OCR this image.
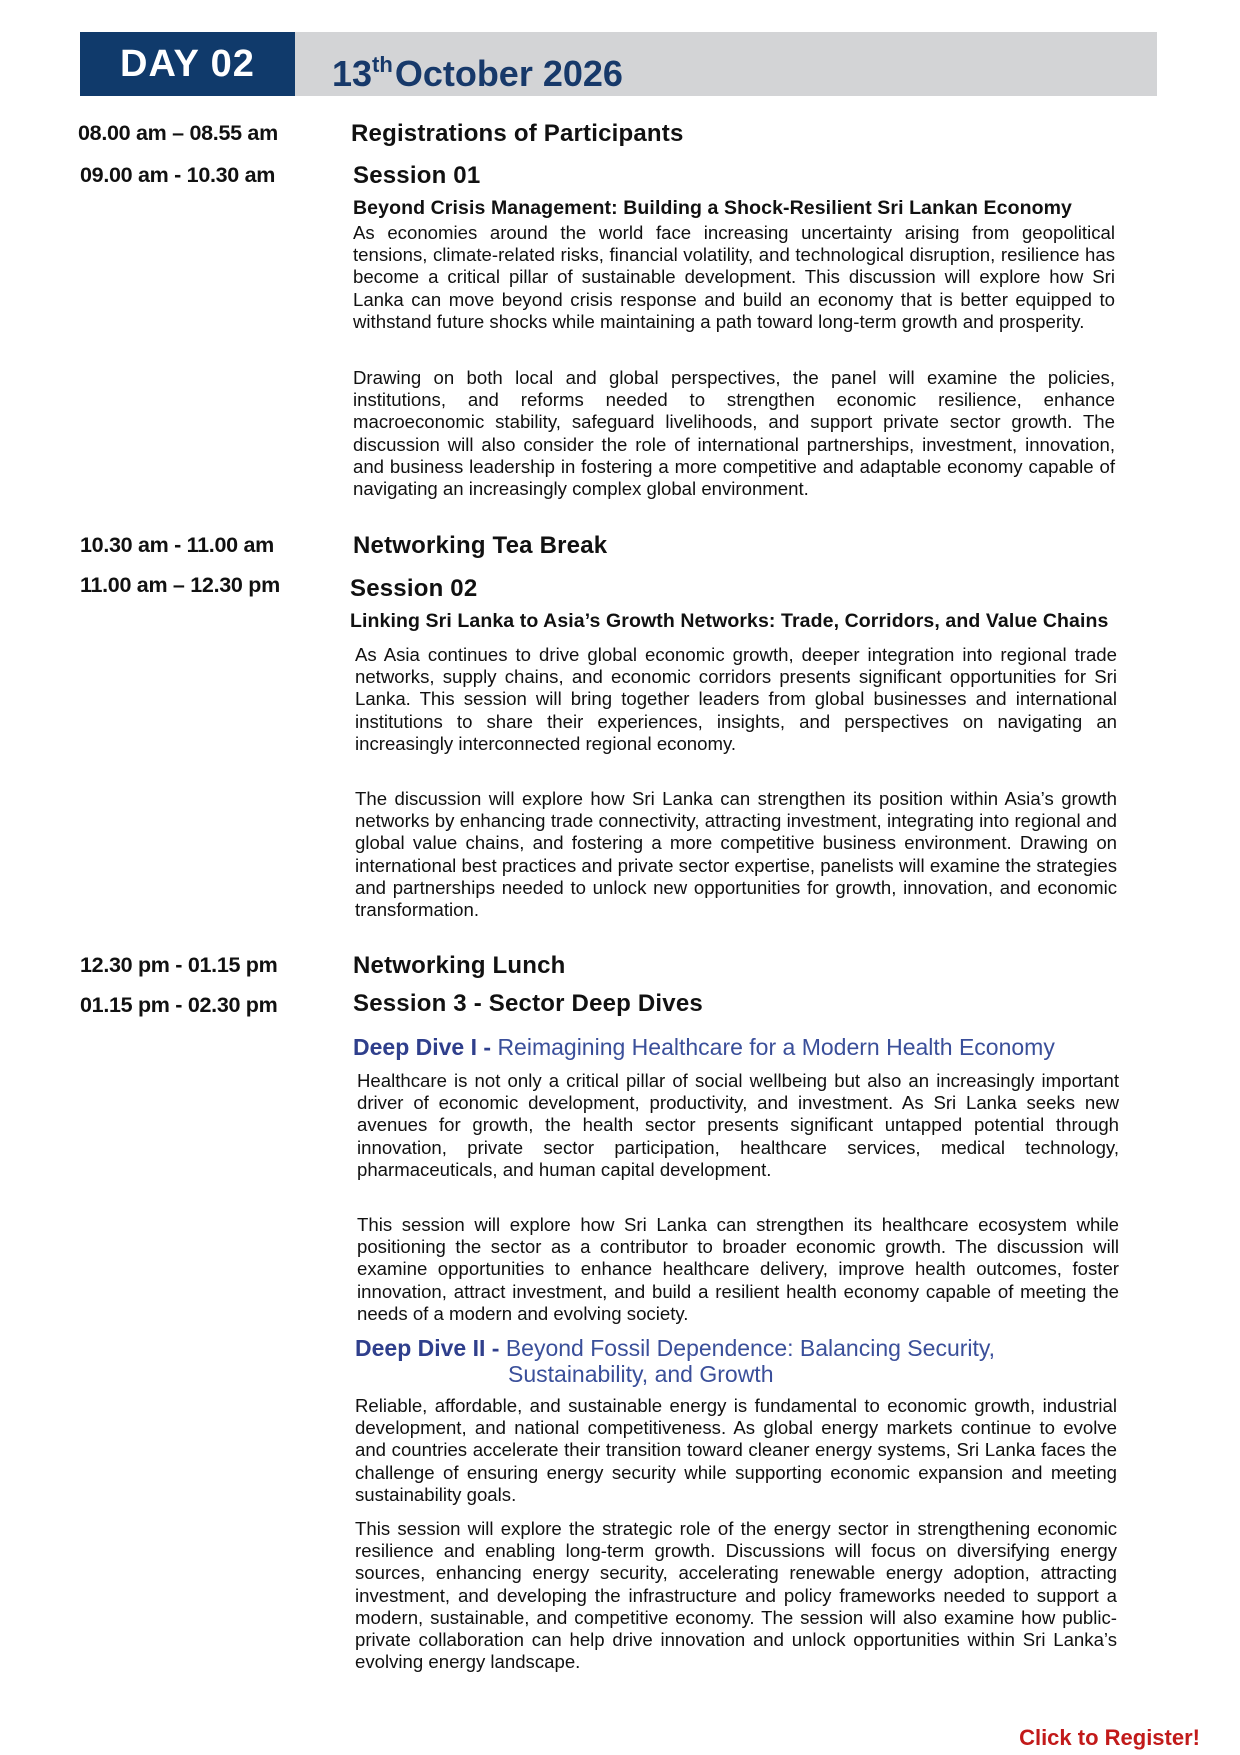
DAY 02	13thOctober 2026
08.00 am – 08.55 am	Registrations of Participants
09.00 am - 10.30 am	Session 01
Beyond Crisis Management: Building a Shock-Resilient Sri Lankan Economy

As economies around the world face increasing uncertainty arising from geopolitical tensions, climate-related risks, financial volatility, and technological disruption, resilience has become a critical pillar of sustainable development. This discussion will explore how Sri Lanka can move beyond crisis response and build an economy that is better equipped to withstand future shocks while maintaining a path toward long-term growth and prosperity.

Drawing on both local and global perspectives, the panel will examine the policies, institutions, and reforms needed to strengthen economic resilience, enhance macroeconomic stability, safeguard livelihoods, and support private sector growth. The discussion will also consider the role of international partnerships, investment, innovation, and business leadership in fostering a more competitive and adaptable economy capable of navigating an increasingly complex global environment.

10.30 am - 11.00 am	Networking Tea Break
11.00 am – 12.30 pm	Session 02
Linking Sri Lanka to Asia’s Growth Networks: Trade, Corridors, and Value Chains

As Asia continues to drive global economic growth, deeper integration into regional trade networks, supply chains, and economic corridors presents significant opportunities for Sri Lanka. This session will bring together leaders from global businesses and international institutions to share their experiences, insights, and perspectives on navigating an increasingly interconnected regional economy.

The discussion will explore how Sri Lanka can strengthen its position within Asia’s growth networks by enhancing trade connectivity, attracting investment, integrating into regional and global value chains, and fostering a more competitive business environment. Drawing on international best practices and private sector expertise, panelists will examine the strategies and partnerships needed to unlock new opportunities for growth, innovation, and economic transformation.

12.30 pm - 01.15 pm	Networking Lunch
01.15 pm - 02.30 pm	Session 3 - Sector Deep Dives
Deep Dive I - Reimagining Healthcare for a Modern Health Economy

Healthcare is not only a critical pillar of social wellbeing but also an increasingly important driver of economic development, productivity, and investment. As Sri Lanka seeks new avenues for growth, the health sector presents significant untapped potential through innovation, private sector participation, healthcare services, medical technology, pharmaceuticals, and human capital development.

This session will explore how Sri Lanka can strengthen its healthcare ecosystem while positioning the sector as a contributor to broader economic growth. The discussion will examine opportunities to enhance healthcare delivery, improve health outcomes, foster innovation, attract investment, and build a resilient health economy capable of meeting the needs of a modern and evolving society.

Deep Dive II - Beyond Fossil Dependence: Balancing Security,
Sustainability, and Growth

Reliable, affordable, and sustainable energy is fundamental to economic growth, industrial development, and national competitiveness. As global energy markets continue to evolve and countries accelerate their transition toward cleaner energy systems, Sri Lanka faces the challenge of ensuring energy security while supporting economic expansion and meeting sustainability goals.

This session will explore the strategic role of the energy sector in strengthening economic resilience and enabling long-term growth. Discussions will focus on diversifying energy sources, enhancing energy security, accelerating renewable energy adoption, attracting investment, and developing the infrastructure and policy frameworks needed to support a modern, sustainable, and competitive economy. The session will also examine how public-private collaboration can help drive innovation and unlock opportunities within Sri Lanka’s evolving energy landscape.

Click to Register!
